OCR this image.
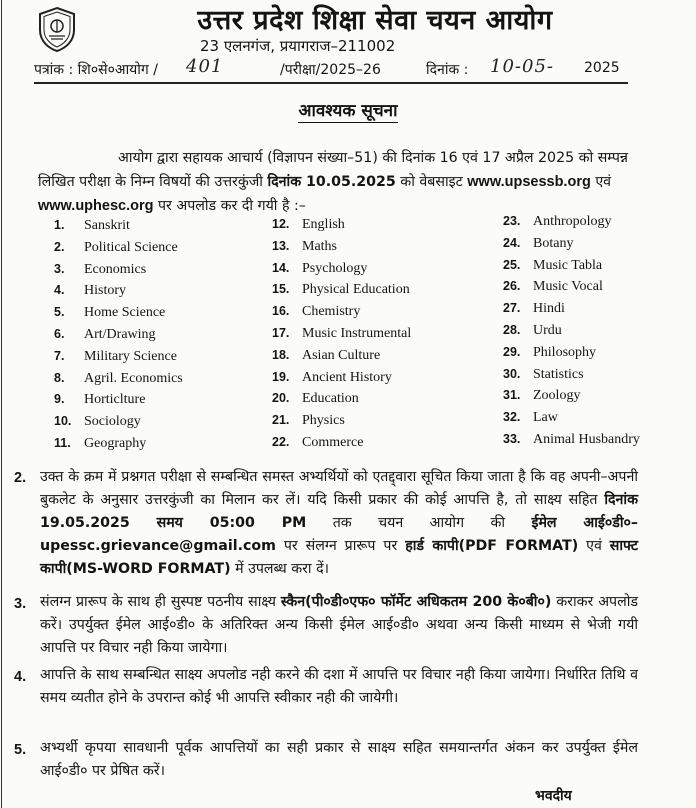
उत्तर प्रदेश शिक्षा सेवा चयन आयोग
23 एलनगंज, प्रयागराज–211002
पत्रांक : शि०से०आयोग / 401	/परीक्षा/2025–26	दिनांक : 10-05- 2025
आवश्यक सूचना
आयोग द्वारा सहायक आचार्य (विज्ञापन संख्या–51) की दिनांक 16 एवं 17 अप्रैल 2025 को सम्पन्न लिखित परीक्षा के निम्न विषयों की उत्तरकुंजी दिनांक 10.05.2025 को वेबसाइट www.upsessb.org एवं www.uphesc.org पर अपलोड कर दी गयी है :–
1. Sanskrit
2. Political Science
3. Economics
4. History
5. Home Science
6. Art/Drawing
7. Military Science
8. Agril. Economics
9. Horticlture
10. Sociology
11. Geography
12. English
13. Maths
14. Psychology
15. Physical Education
16. Chemistry
17. Music Instrumental
18. Asian Culture
19. Ancient History
20. Education
21. Physics
22. Commerce
23. Anthropology
24. Botany
25. Music Tabla
26. Music Vocal
27. Hindi
28. Urdu
29. Philosophy
30. Statistics
31. Zoology
32. Law
33. Animal Husbandry
2. उक्त के क्रम में प्रश्नगत परीक्षा से सम्बन्धित समस्त अभ्यर्थियों को एतद्द्वारा सूचित किया जाता है कि वह अपनी–अपनी बुकलेट के अनुसार उत्तरकुंजी का मिलान कर लें। यदि किसी प्रकार की कोई आपत्ति है, तो साक्ष्य सहित दिनांक 19.05.2025 समय 05:00 PM तक चयन आयोग की ईमेल आई०डी०–upessc.grievance@gmail.com पर संलग्न प्रारूप पर हार्ड कापी(PDF FORMAT) एवं साफ्ट कापी(MS-WORD FORMAT) में उपलब्ध करा दें।
3. संलग्न प्रारूप के साथ ही सुस्पष्ट पठनीय साक्ष्य स्कैन(पी०डी०एफ० फॉर्मेट अधिकतम 200 के०बी०) कराकर अपलोड करें। उपर्युक्त ईमेल आई०डी० के अतिरिक्त अन्य किसी ईमेल आई०डी० अथवा अन्य किसी माध्यम से भेजी गयी आपत्ति पर विचार नही किया जायेगा।
4. आपत्ति के साथ सम्बन्धित साक्ष्य अपलोड नही करने की दशा में आपत्ति पर विचार नही किया जायेगा। निर्धारित तिथि व समय व्यतीत होने के उपरान्त कोई भी आपत्ति स्वीकार नही की जायेगी।
5. अभ्यर्थी कृपया सावधानी पूर्वक आपत्तियों का सही प्रकार से साक्ष्य सहित समयान्तर्गत अंकन कर उपर्युक्त ईमेल आई०डी० पर प्रेषित करें।
भवदीय
